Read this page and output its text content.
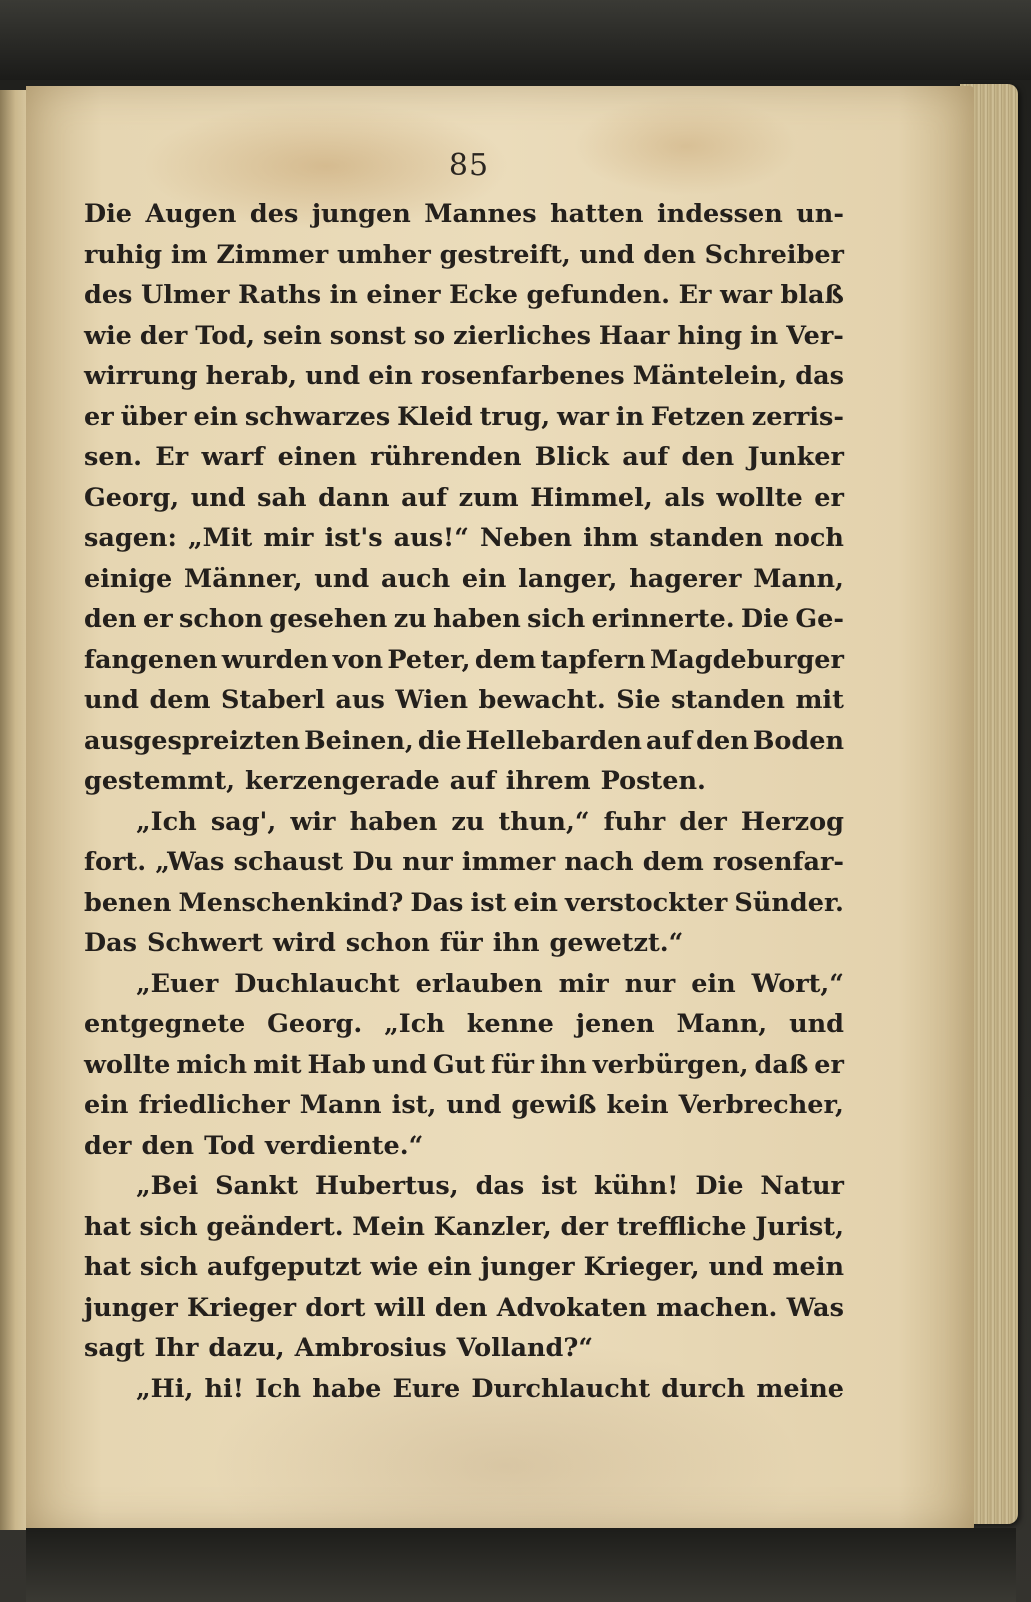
85
Die Augen des jungen Mannes hatten indessen un-
ruhig im Zimmer umher gestreift, und den Schreiber
des Ulmer Raths in einer Ecke gefunden. Er war blaß
wie der Tod, sein sonst so zierliches Haar hing in Ver-
wirrung herab, und ein rosenfarbenes Mäntelein, das
er über ein schwarzes Kleid trug, war in Fetzen zerris-
sen. Er warf einen rührenden Blick auf den Junker
Georg, und sah dann auf zum Himmel, als wollte er
sagen: „Mit mir ist's aus!“ Neben ihm standen noch
einige Männer, und auch ein langer, hagerer Mann,
den er schon gesehen zu haben sich erinnerte. Die Ge-
fangenen wurden von Peter, dem tapfern Magdeburger
und dem Staberl aus Wien bewacht. Sie standen mit
ausgespreizten Beinen, die Hellebarden auf den Boden
gestemmt, kerzengerade auf ihrem Posten.
„Ich sag', wir haben zu thun,“ fuhr der Herzog
fort. „Was schaust Du nur immer nach dem rosenfar-
benen Menschenkind? Das ist ein verstockter Sünder.
Das Schwert wird schon für ihn gewetzt.“
„Euer Duchlaucht erlauben mir nur ein Wort,“
entgegnete Georg. „Ich kenne jenen Mann, und
wollte mich mit Hab und Gut für ihn verbürgen, daß er
ein friedlicher Mann ist, und gewiß kein Verbrecher,
der den Tod verdiente.“
„Bei Sankt Hubertus, das ist kühn! Die Natur
hat sich geändert. Mein Kanzler, der treffliche Jurist,
hat sich aufgeputzt wie ein junger Krieger, und mein
junger Krieger dort will den Advokaten machen. Was
sagt Ihr dazu, Ambrosius Volland?“
„Hi, hi! Ich habe Eure Durchlaucht durch meine
